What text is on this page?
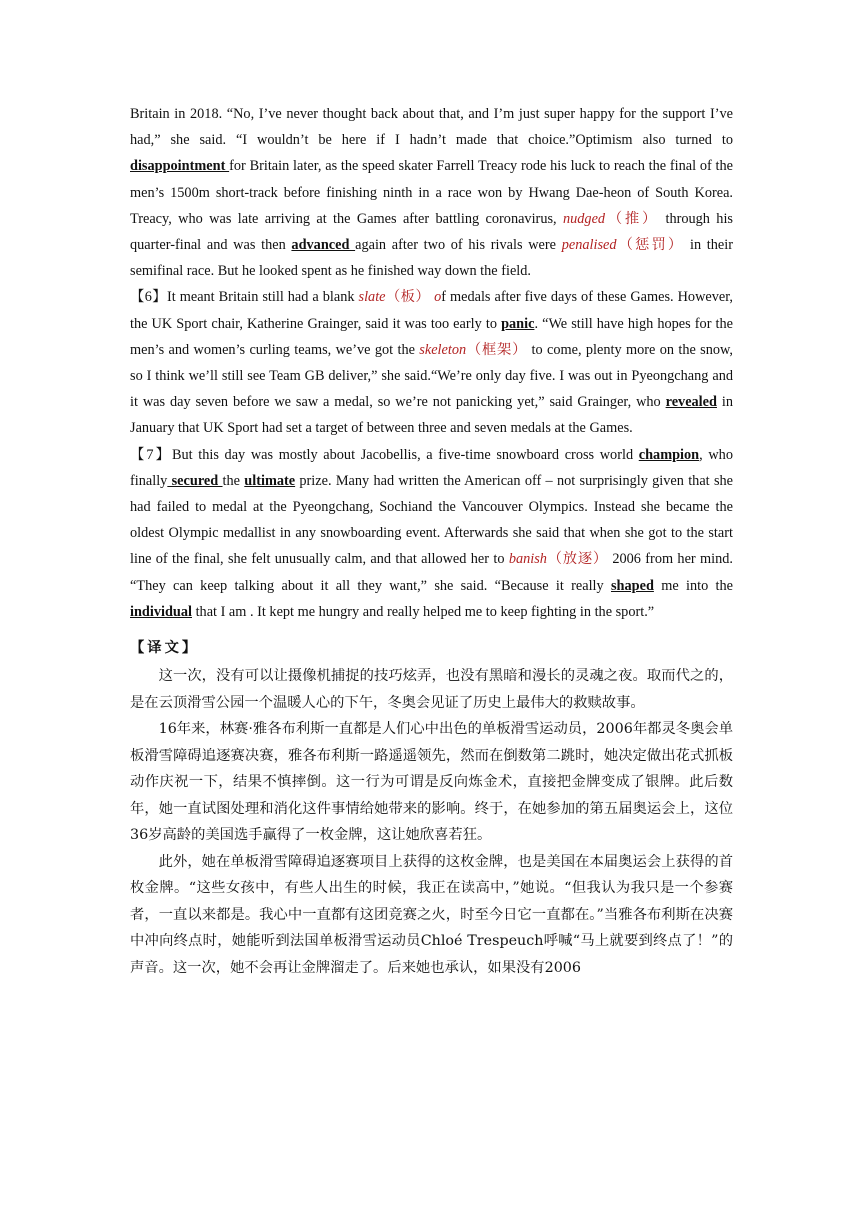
Britain in 2018. “No, I’ve never thought back about that, and I’m just super happy for the support I’ve had,” she said. “I wouldn’t be here if I hadn’t made that choice.”Optimism also turned to disappointment for Britain later, as the speed skater Farrell Treacy rode his luck to reach the final of the men’s 1500m short-track before finishing ninth in a race won by Hwang Dae-heon of South Korea. Treacy, who was late arriving at the Games after battling coronavirus, nudged（推） through his quarter-final and was then advanced again after two of his rivals were penalised（惩罚） in their semifinal race. But he looked spent as he finished way down the field.

【6】It meant Britain still had a blank slate（板） of medals after five days of these Games. However, the UK Sport chair, Katherine Grainger, said it was too early to panic. “We still have high hopes for the men’s and women’s curling teams, we’ve got the skeleton（框架） to come, plenty more on the snow, so I think we’ll still see Team GB deliver,” she said.“We’re only day five. I was out in Pyeongchang and it was day seven before we saw a medal, so we’re not panicking yet,” said Grainger, who revealed in January that UK Sport had set a target of between three and seven medals at the Games.

【7】But this day was mostly about Jacobellis, a five-time snowboard cross world champion, who finally secured the ultimate prize. Many had written the American off – not surprisingly given that she had failed to medal at the Pyeongchang, Sochiand the Vancouver Olympics. Instead she became the oldest Olympic medallist in any snowboarding event. Afterwards she said that when she got to the start line of the final, she felt unusually calm, and that allowed her to banish（放逐） 2006 from her mind. “They can keep talking about it all they want,” she said. “Because it really shaped me into the individual that I am . It kept me hungry and really helped me to keep fighting in the sport.”

【译文】

这一次，没有可以让摄像机捕捉的技巧炫弄，也没有黑暗和漫长的灵魂之夜。取而代之的，是在云顶滑雪公园一个温暖人心的下午，冬奥会见证了历史上最伟大的救赎故事。

16年来，林赛·雅各布利斯一直都是人们心中出色的单板滑雪运动员，2006年都灵冬奥会单板滑雪障碍追逐赛决赛，雅各布利斯一路遥遥领先，然而在倒数第二跳时，她决定做出花式抓板动作庆祝一下，结果不慎摔倒。这一行为可谓是反向炼金术，直接把金牌变成了银牌。此后数年，她一直试图处理和消化这件事情给她带来的影响。终于，在她参加的第五届奥运会上，这位36岁高龄的美国选手赢得了一枚金牌，这让她欣喜若狂。

此外，她在单板滑雪障碍追逐赛项目上获得的这枚金牌，也是美国在本届奥运会上获得的首枚金牌。“这些女孩中，有些人出生的时候，我正在读高中，”她说。“但我认为我只是一个参赛者，一直以来都是。我心中一直都有这团竞赛之火，时至今日它一直都在。”当雅各布利斯在决赛中冲向终点时，她能听到法国单板滑雪运动员Chloé Trespeuch呼喊“马上就要到终点了！”的声音。这一次，她不会再让金牌溜走了。后来她也承认，如果没有2006
